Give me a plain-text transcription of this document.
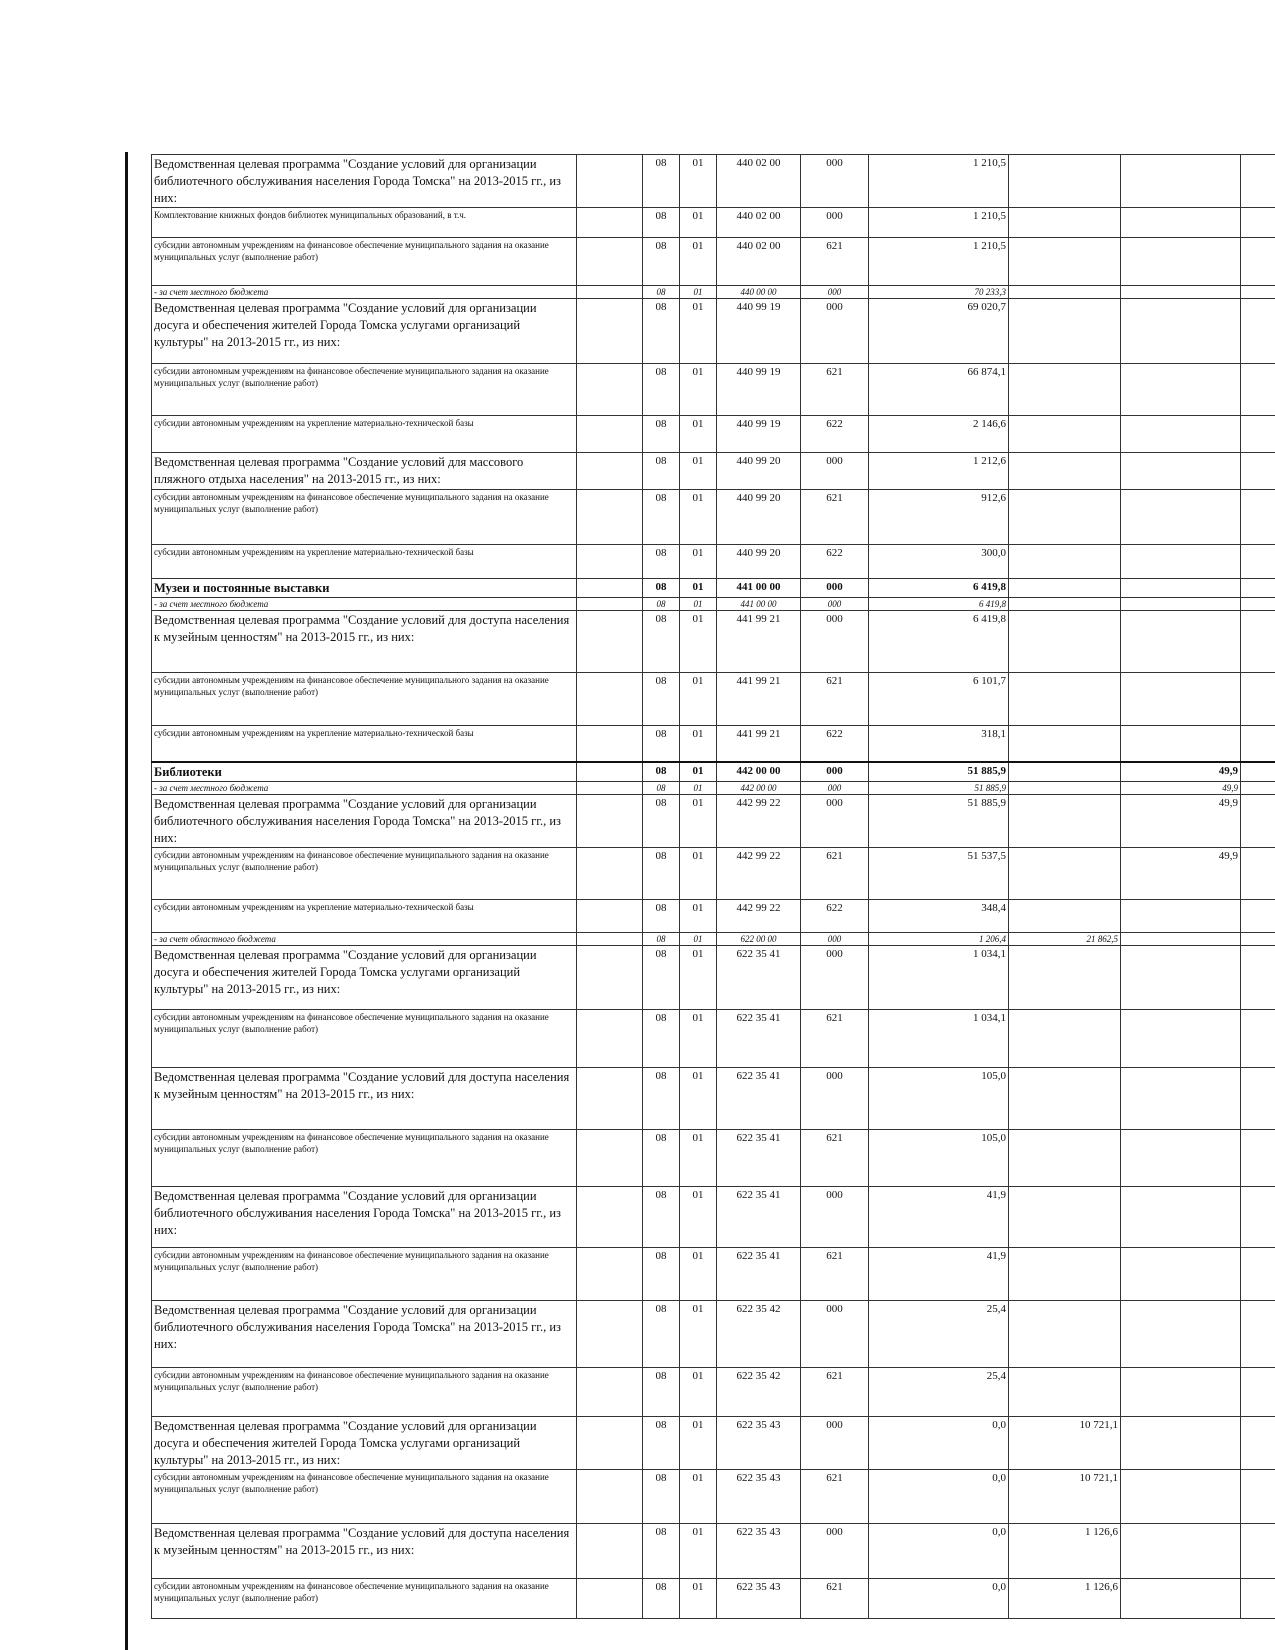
Ведомственная целевая программа "Создание условий для организации библиотечного обслуживания населения Города Томска" на 2013-2015 гг., из них:		08	01	440 02 00	000	1 210,5			
Комплектование книжных фондов библиотек муниципальных образований, в т.ч.		08	01	440 02 00	000	1 210,5			
субсидии автономным учреждениям на финансовое обеспечение муниципального задания на оказание муниципальных услуг (выполнение работ)		08	01	440 02 00	621	1 210,5			
- за счет местного бюджета		08	01	440 00 00	000	70 233,3			
Ведомственная целевая программа "Создание условий для организации досуга и обеспечения жителей Города Томска услугами организаций культуры" на 2013-2015 гг., из них:		08	01	440 99 19	000	69 020,7			
субсидии автономным учреждениям на финансовое обеспечение муниципального задания на оказание муниципальных услуг (выполнение работ)		08	01	440 99 19	621	66 874,1			
субсидии автономным учреждениям на укрепление материально-технической базы		08	01	440 99 19	622	2 146,6			
Ведомственная целевая программа "Создание условий для массового пляжного отдыха населения" на 2013-2015 гг., из них:		08	01	440 99 20	000	1 212,6			
субсидии автономным учреждениям на финансовое обеспечение муниципального задания на оказание муниципальных услуг (выполнение работ)		08	01	440 99 20	621	912,6			
субсидии автономным учреждениям на укрепление материально-технической базы		08	01	440 99 20	622	300,0			
Музеи и постоянные выставки		08	01	441 00 00	000	6 419,8			
- за счет местного бюджета		08	01	441 00 00	000	6 419,8			
Ведомственная целевая программа "Создание условий для доступа населения к музейным ценностям" на 2013-2015 гг., из них:		08	01	441 99 21	000	6 419,8			
субсидии автономным учреждениям на финансовое обеспечение муниципального задания на оказание муниципальных услуг (выполнение работ)		08	01	441 99 21	621	6 101,7			
субсидии автономным учреждениям на укрепление материально-технической базы		08	01	441 99 21	622	318,1			
Библиотеки		08	01	442 00 00	000	51 885,9		49,9	
- за счет местного бюджета		08	01	442 00 00	000	51 885,9		49,9	
Ведомственная целевая программа "Создание условий для организации библиотечного обслуживания населения Города Томска" на 2013-2015 гг., из них:		08	01	442 99 22	000	51 885,9		49,9	
субсидии автономным учреждениям на финансовое обеспечение муниципального задания на оказание муниципальных услуг (выполнение работ)		08	01	442 99 22	621	51 537,5		49,9	
субсидии автономным учреждениям на укрепление материально-технической базы		08	01	442 99 22	622	348,4			
- за счет областного бюджета		08	01	622 00 00	000	1 206,4	21 862,5		
Ведомственная целевая программа "Создание условий для организации досуга и обеспечения жителей Города Томска услугами организаций культуры" на 2013-2015 гг., из них:		08	01	622 35 41	000	1 034,1			
субсидии автономным учреждениям на финансовое обеспечение муниципального задания на оказание муниципальных услуг (выполнение работ)		08	01	622 35 41	621	1 034,1			
Ведомственная целевая программа "Создание условий для доступа населения к музейным ценностям" на 2013-2015 гг., из них:		08	01	622 35 41	000	105,0			
субсидии автономным учреждениям на финансовое обеспечение муниципального задания на оказание муниципальных услуг (выполнение работ)		08	01	622 35 41	621	105,0			
Ведомственная целевая программа "Создание условий для организации библиотечного обслуживания населения Города Томска" на 2013-2015 гг., из них:		08	01	622 35 41	000	41,9			
субсидии автономным учреждениям на финансовое обеспечение муниципального задания на оказание муниципальных услуг (выполнение работ)		08	01	622 35 41	621	41,9			
Ведомственная целевая программа "Создание условий для организации библиотечного обслуживания населения Города Томска" на 2013-2015 гг., из них:		08	01	622 35 42	000	25,4			
субсидии автономным учреждениям на финансовое обеспечение муниципального задания на оказание муниципальных услуг (выполнение работ)		08	01	622 35 42	621	25,4			
Ведомственная целевая программа "Создание условий для организации досуга и обеспечения жителей Города Томска услугами организаций культуры" на 2013-2015 гг., из них:		08	01	622 35 43	000	0,0	10 721,1		
субсидии автономным учреждениям на финансовое обеспечение муниципального задания на оказание муниципальных услуг (выполнение работ)		08	01	622 35 43	621	0,0	10 721,1		
Ведомственная целевая программа "Создание условий для доступа населения к музейным ценностям" на 2013-2015 гг., из них:		08	01	622 35 43	000	0,0	1 126,6		
субсидии автономным учреждениям на финансовое обеспечение муниципального задания на оказание муниципальных услуг (выполнение работ)		08	01	622 35 43	621	0,0	1 126,6		
